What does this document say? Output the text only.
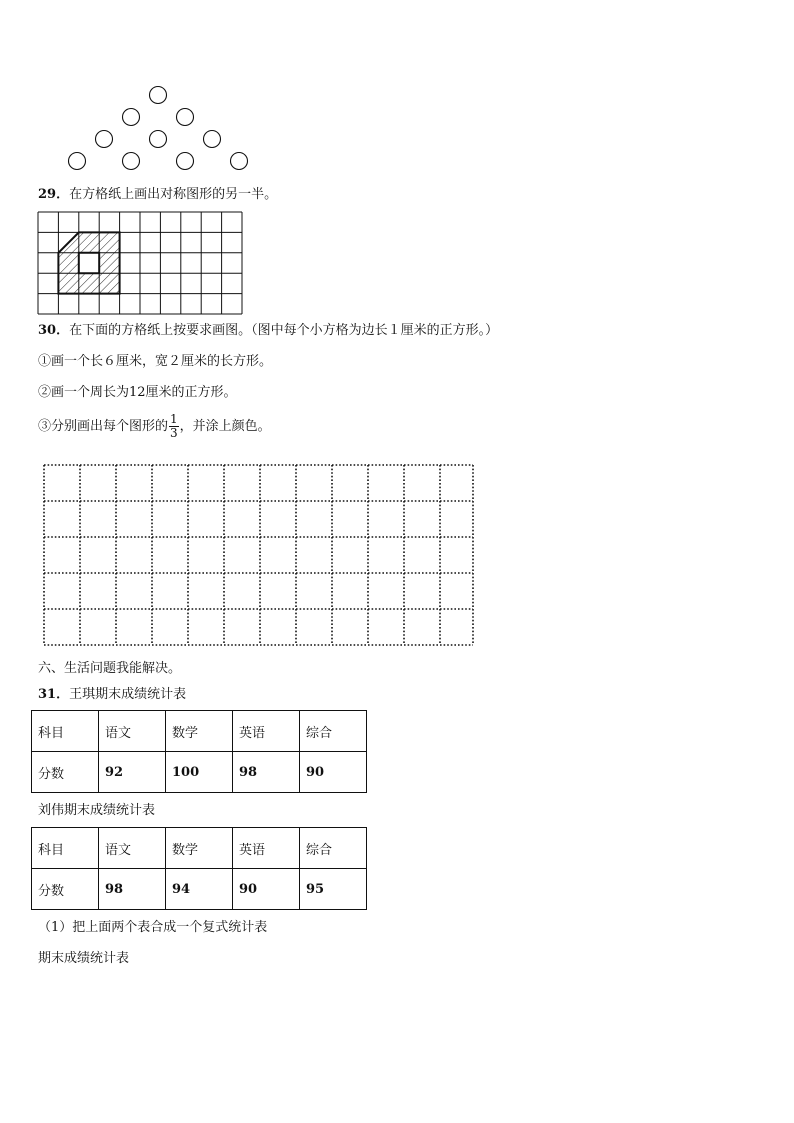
29．在方格纸上画出对称图形的另一半。
30．在下面的方格纸上按要求画图。（图中每个小方格为边长１厘米的正方形。）
①画一个长６厘米，宽２厘米的长方形。
②画一个周长为12厘米的正方形。
③分别画出每个图形的 $\frac{1}{3}$ ，并涂上颜色。
六、生活问题我能解决。
31．王琪期末成绩统计表
科目	语文	数学	英语	综合
分数	92	100	98	90
刘伟期末成绩统计表
科目	语文	数学	英语	综合
分数	98	94	90	95
（1）把上面两个表合成一个复式统计表
期末成绩统计表
